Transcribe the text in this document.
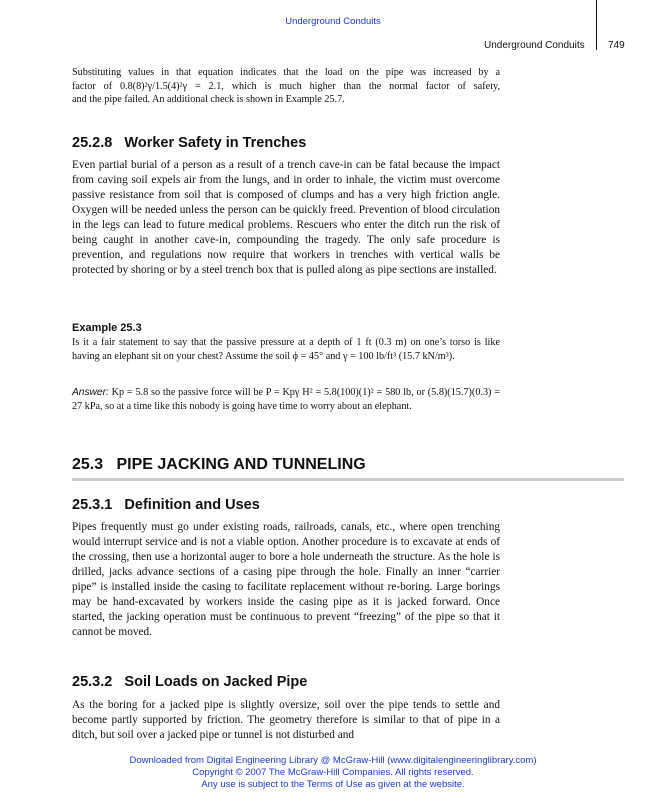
Underground Conduits
Underground Conduits 749

Substituting values in that equation indicates that the load on the pipe was increased by a

factor of 0.8(8)²γ/1.5(4)²γ = 2.1, which is much higher than the normal factor of safety,

and the pipe failed. An additional check is shown in Example 25.7.

25.2.8 Worker Safety in Trenches
Even partial burial of a person as a result of a trench cave-in can be fatal because the impact from caving soil expels air from the lungs, and in order to inhale, the victim must overcome passive resistance from soil that is composed of clumps and has a very high friction angle. Oxygen will be needed unless the person can be quickly freed. Prevention of blood circulation in the legs can lead to future medical problems. Rescuers who enter the ditch run the risk of being caught in another cave-in, compounding the tragedy. The only safe procedure is prevention, and regulations now require that workers in trenches with vertical walls be protected by shoring or by a steel trench box that is pulled along as pipe sections are installed.
Example 25.3
Is it a fair statement to say that the passive pressure at a depth of 1 ft (0.3 m) on one’s torso is like having an elephant sit on your chest? Assume the soil ϕ = 45° and γ = 100 lb/ft³ (15.7 kN/m³).
Answer: Kp = 5.8 so the passive force will be P = Kpγ H² = 5.8(100)(1)² = 580 lb, or (5.8)(15.7)(0.3) = 27 kPa, so at a time like this nobody is going have time to worry about an elephant.
25.3 PIPE JACKING AND TUNNELING
25.3.1 Definition and Uses
Pipes frequently must go under existing roads, railroads, canals, etc., where open trenching would interrupt service and is not a viable option. Another procedure is to excavate at ends of the crossing, then use a horizontal auger to bore a hole underneath the structure. As the hole is drilled, jacks advance sections of a casing pipe through the hole. Finally an inner “carrier pipe” is installed inside the casing to facilitate replacement without re-boring. Large borings may be hand-excavated by workers inside the casing pipe as it is jacked forward. Once started, the jacking operation must be continuous to prevent “freezing” of the pipe so that it cannot be moved.
25.3.2 Soil Loads on Jacked Pipe
As the boring for a jacked pipe is slightly oversize, soil over the pipe tends to settle and become partly supported by friction. The geometry therefore is similar to that of pipe in a ditch, but soil over a jacked pipe or tunnel is not disturbed and
Downloaded from Digital Engineering Library @ McGraw-Hill (www.digitalengineeringlibrary.com)
Copyright © 2007 The McGraw-Hill Companies. All rights reserved.
Any use is subject to the Terms of Use as given at the website.
